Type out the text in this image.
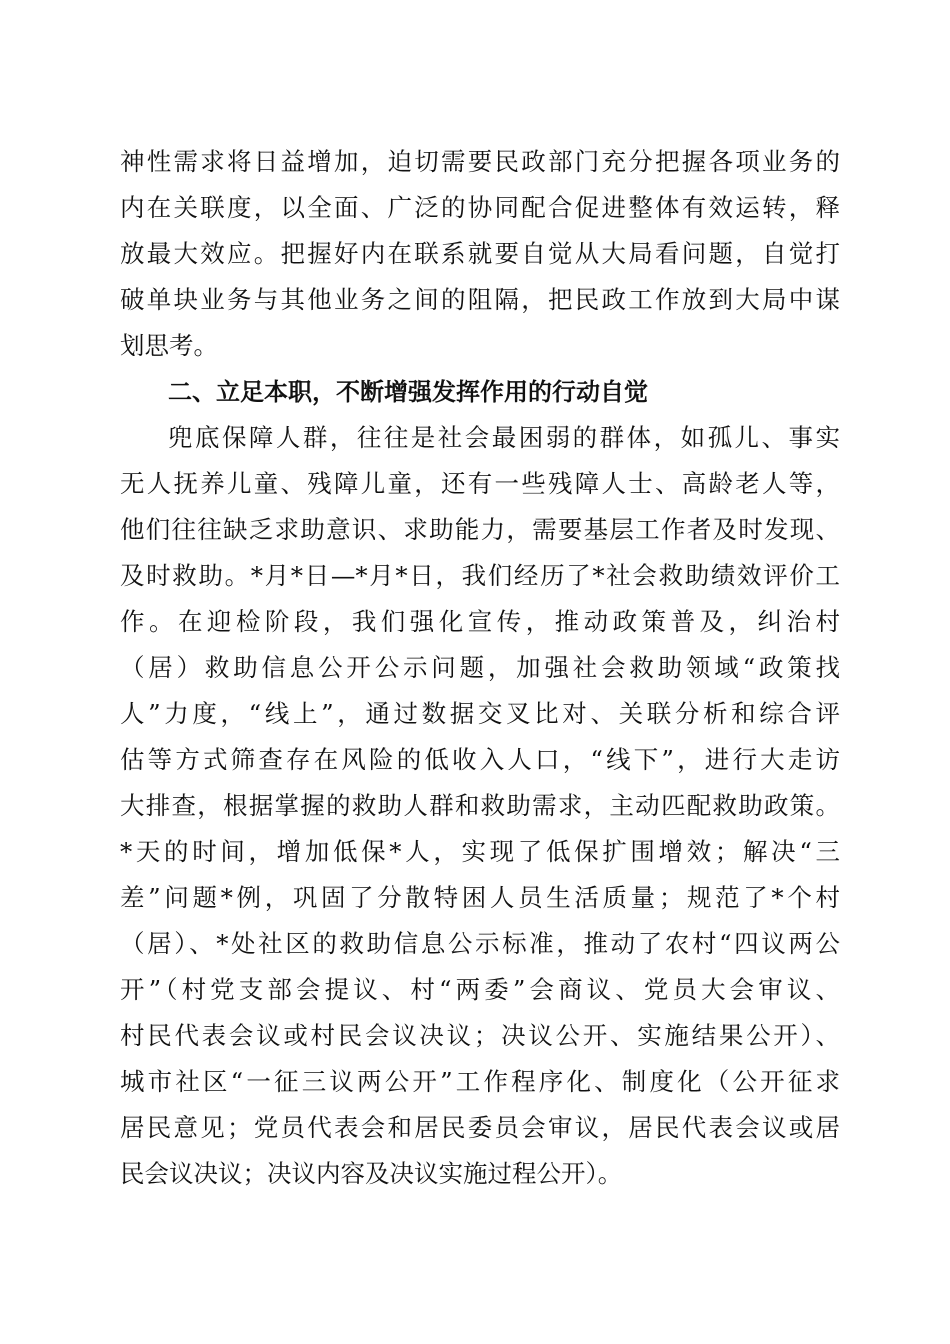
神性需求将日益增加，迫切需要民政部门充分把握各项业务的
内在关联度，以全面、广泛的协同配合促进整体有效运转，释
放最大效应。把握好内在联系就要自觉从大局看问题，自觉打
破单块业务与其他业务之间的阻隔，把民政工作放到大局中谋
划思考。
二、立足本职，不断增强发挥作用的行动自觉
兜底保障人群，往往是社会最困弱的群体，如孤儿、事实
无人抚养儿童、残障儿童，还有一些残障人士、高龄老人等，
他们往往缺乏求助意识、求助能力，需要基层工作者及时发现、
及时救助。*月*日—*月*日，我们经历了*社会救助绩效评价工
作。在迎检阶段，我们强化宣传，推动政策普及，纠治村
（居）救助信息公开公示问题，加强社会救助领域“政策找
人”力度，“线上”，通过数据交叉比对、关联分析和综合评
估等方式筛查存在风险的低收入人口，“线下”，进行大走访
大排查，根据掌握的救助人群和救助需求，主动匹配救助政策。
*天的时间，增加低保*人，实现了低保扩围增效；解决“三
差”问题*例，巩固了分散特困人员生活质量；规范了*个村
（居）、*处社区的救助信息公示标准，推动了农村“四议两公
开”（村党支部会提议、村“两委”会商议、党员大会审议、
村民代表会议或村民会议决议；决议公开、实施结果公开）、
城市社区“一征三议两公开”工作程序化、制度化（公开征求
居民意见；党员代表会和居民委员会审议，居民代表会议或居
民会议决议；决议内容及决议实施过程公开）。
